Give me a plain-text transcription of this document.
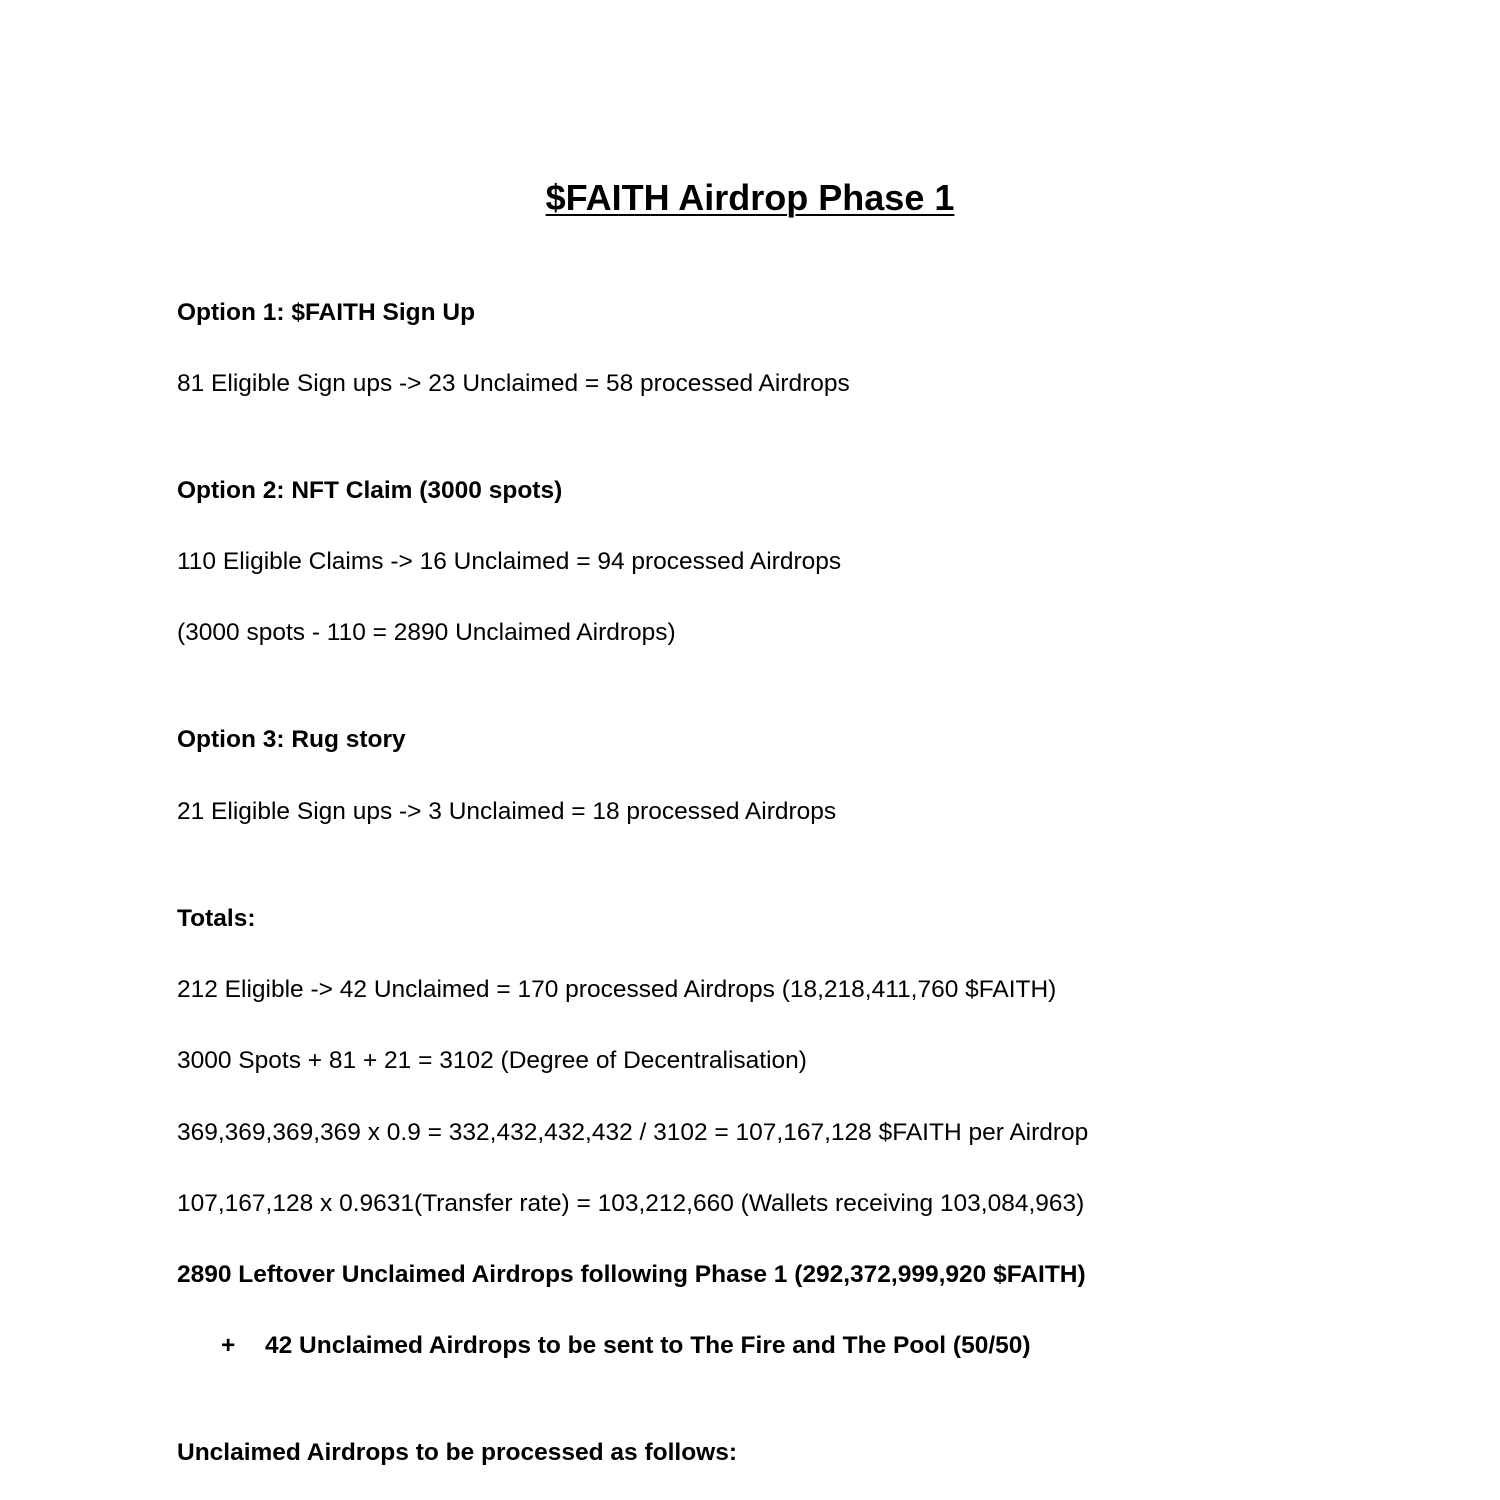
$FAITH Airdrop Phase 1
Option 1: $FAITH Sign Up
81 Eligible Sign ups -> 23 Unclaimed = 58 processed Airdrops
Option 2: NFT Claim (3000 spots)
110 Eligible Claims -> 16 Unclaimed = 94 processed Airdrops
(3000 spots - 110 = 2890 Unclaimed Airdrops)
Option 3: Rug story
21 Eligible Sign ups -> 3 Unclaimed = 18 processed Airdrops
Totals:
212 Eligible -> 42 Unclaimed = 170 processed Airdrops (18,218,411,760 $FAITH)
3000 Spots + 81 + 21 = 3102 (Degree of Decentralisation)
369,369,369,369 x 0.9 = 332,432,432,432 / 3102 = 107,167,128 $FAITH per Airdrop
107,167,128 x 0.9631(Transfer rate) = 103,212,660 (Wallets receiving 103,084,963)
2890 Leftover Unclaimed Airdrops following Phase 1 (292,372,999,920 $FAITH)
+ 42 Unclaimed Airdrops to be sent to The Fire and The Pool (50/50)
Unclaimed Airdrops to be processed as follows:
